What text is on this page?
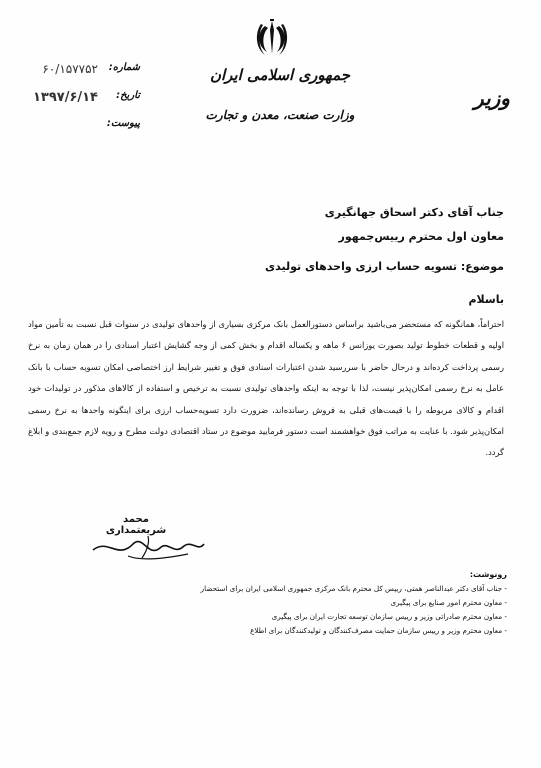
جمهوری اسلامی ایران
وزارت صنعت، معدن و تجارت
وزیر
شماره:
۶۰/۱۵۷۷۵۲
تاریخ:
۱۳۹۷/۶/۱۴
پیوست:
جناب آقای دکتر اسحاق جهانگیری
معاون اول محترم رییس‌جمهور
موضوع: تسویه حساب ارزی واحدهای تولیدی
باسلام
احتراماً، همانگونه که مستحضر می‌باشید براساس دستورالعمل بانک مرکزی بسیاری از واحدهای تولیدی در سنوات قبل نسبت به تأمین مواد اولیه و قطعات خطوط تولید بصورت یوزانس ۶ ماهه و یکساله اقدام و بخش کمی از وجه گشایش اعتبار اسنادی را در همان زمان به نرخ رسمی پرداخت کرده‌اند و درحال حاضر با سررسید شدن اعتبارات اسنادی فوق و تغییر شرایط ارز اختصاصی امکان تسویه حساب با بانک عامل به نرخ رسمی امکان‌پذیر نیست، لذا با توجه به اینکه واحدهای تولیدی نسبت به ترخیص و استفاده از کالاهای مذکور در تولیدات خود اقدام و کالای مربوطه را با قیمت‌های قبلی به فروش رسانده‌اند، ضرورت دارد تسویه‌حساب ارزی برای اینگونه واحدها به نرخ رسمی امکان‌پذیر شود. با عنایت به مراتب فوق خواهشمند است دستور فرمایید موضوع در ستاد اقتصادی دولت مطرح و رویه لازم جمع‌بندی و ابلاغ گردد.
محمد شریعتمداری
رونوشت:
- جناب آقای دکتر عبدالناصر همتی، رییس کل محترم بانک مرکزی جمهوری اسلامی ایران برای استحضار
- معاون محترم امور صنایع برای پیگیری
- معاون محترم صادراتی وزیر و رییس سازمان توسعه تجارت ایران برای پیگیری
- معاون محترم وزیر و رییس سازمان حمایت مصرف‌کنندگان و تولیدکنندگان برای اطلاع
